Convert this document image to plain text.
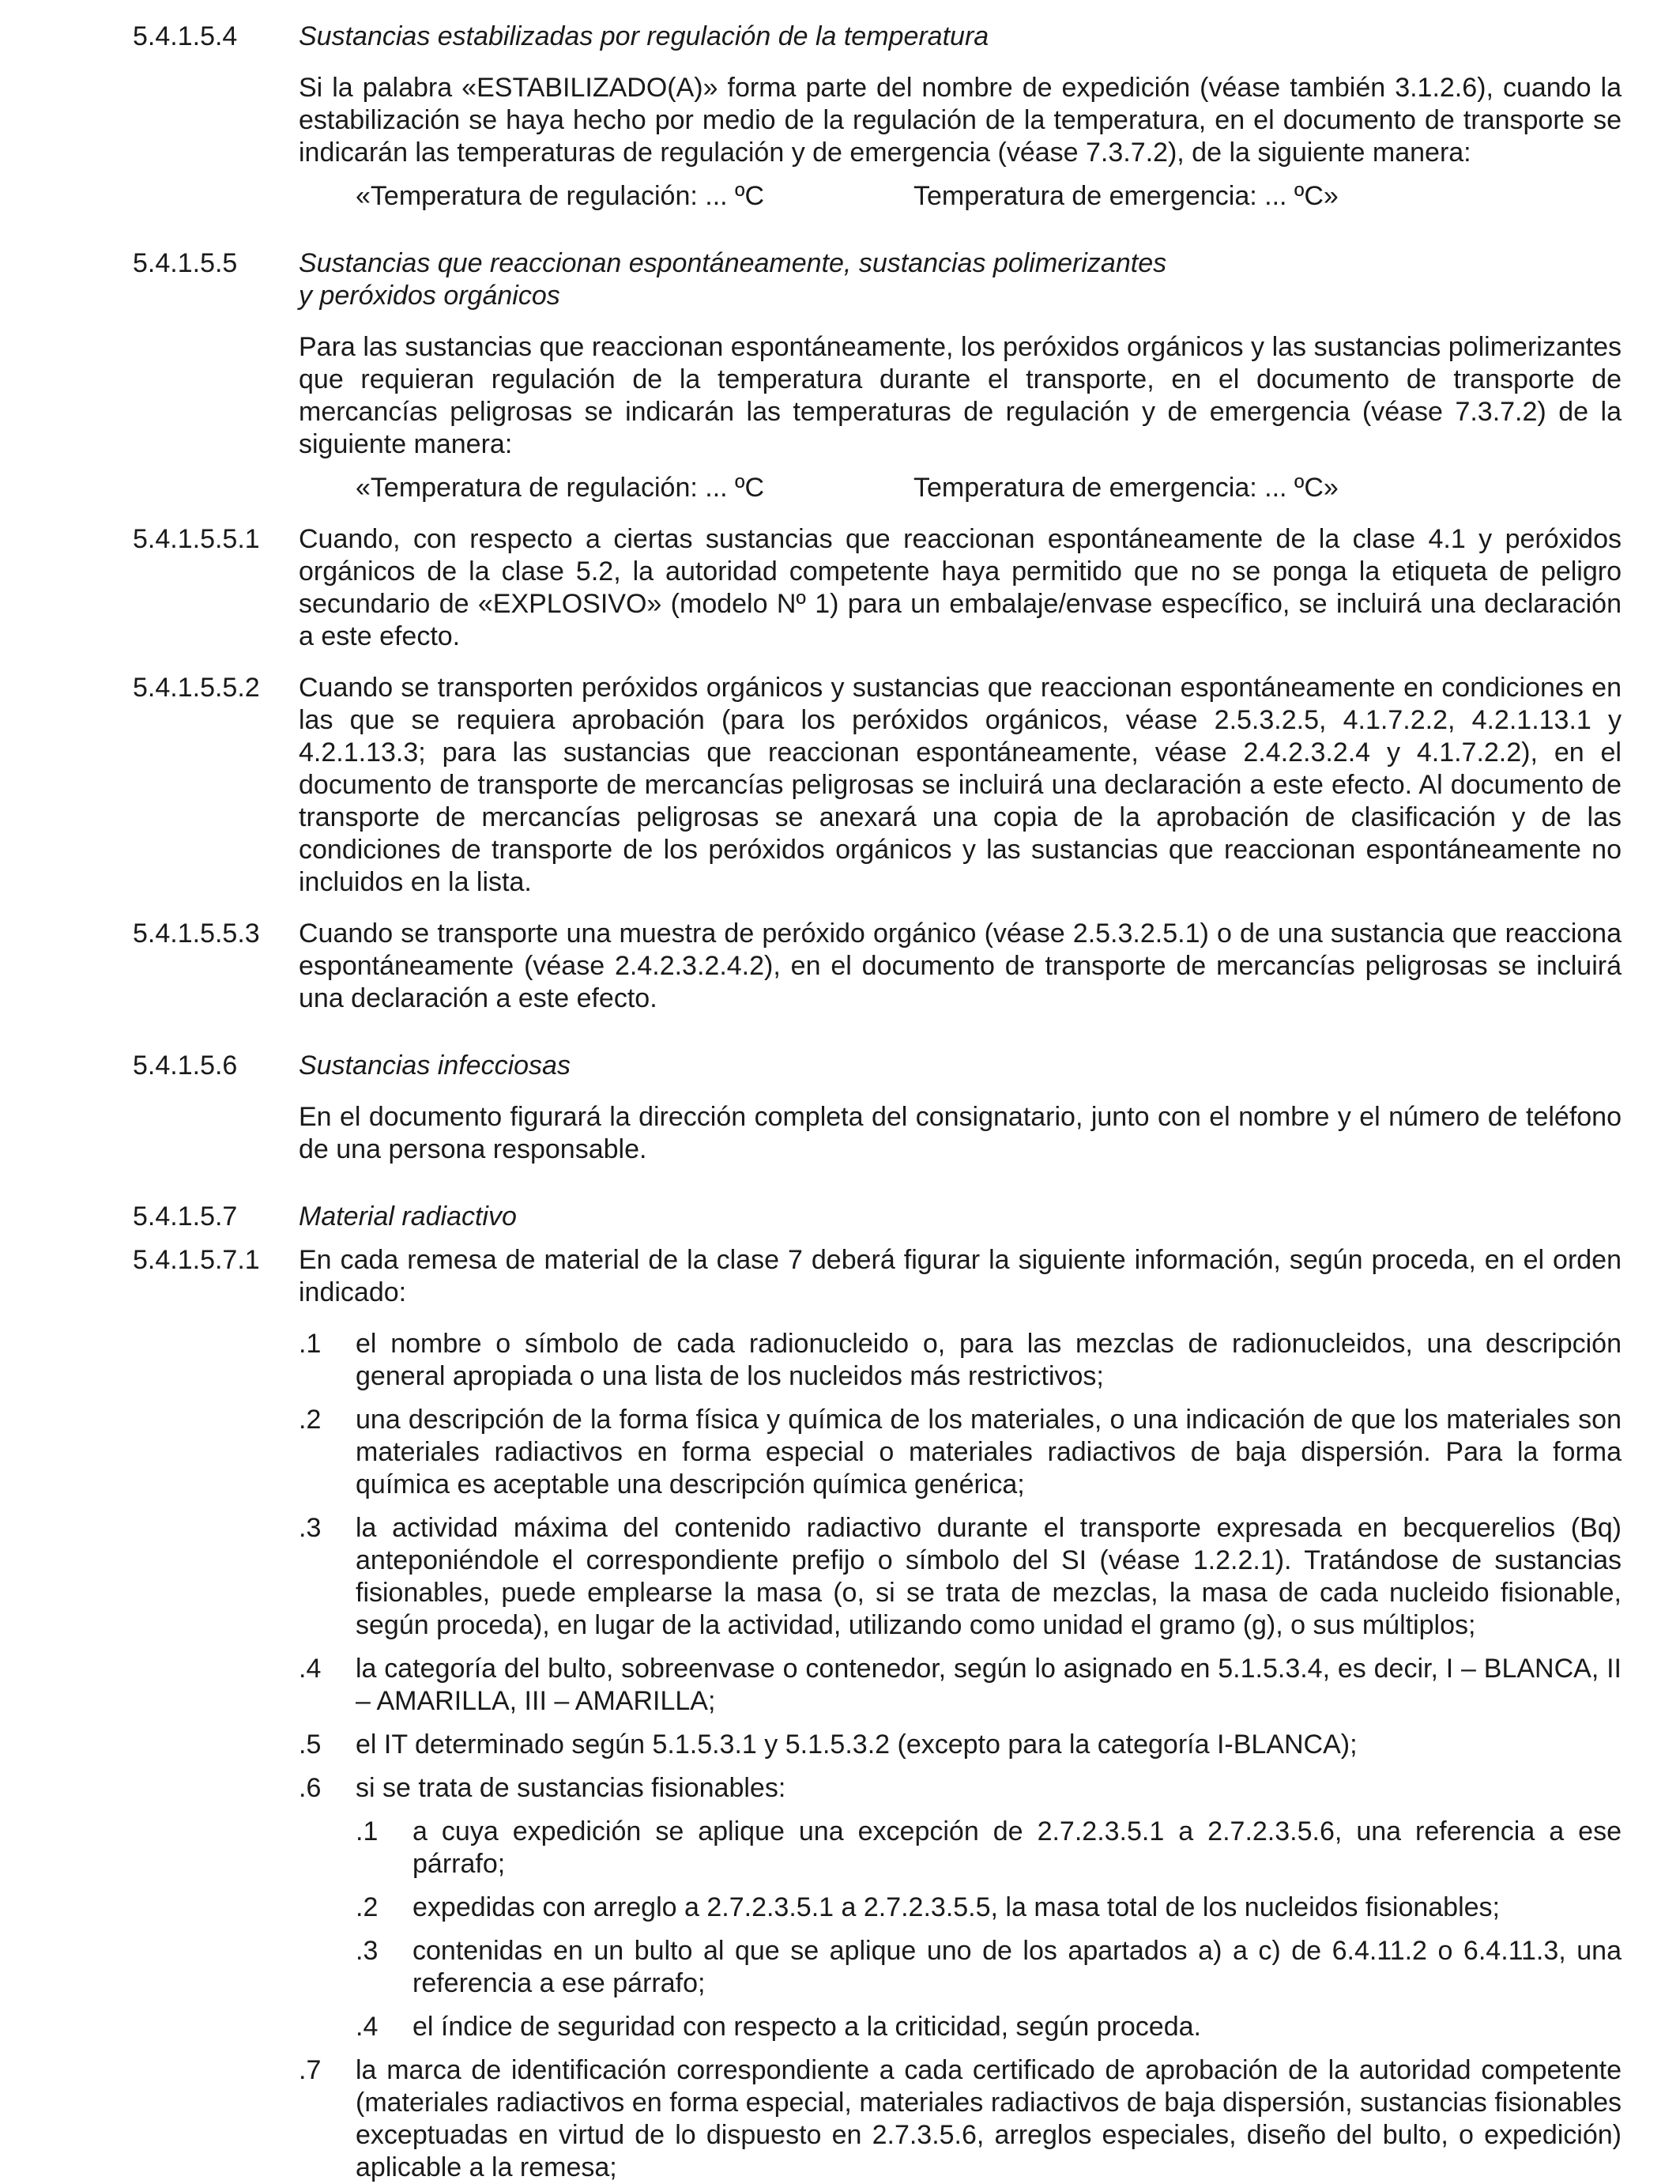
5.4.1.5.4	Sustancias estabilizadas por regulación de la temperatura
Si la palabra «ESTABILIZADO(A)» forma parte del nombre de expedición (véase también 3.1.2.6), cuando la estabilización se haya hecho por medio de la regulación de la temperatura, en el documento de transporte se indicarán las temperaturas de regulación y de emergencia (véase 7.3.7.2), de la siguiente manera:
«Temperatura de regulación: ... ºC	Temperatura de emergencia: ... ºC»
5.4.1.5.5	Sustancias que reaccionan espontáneamente, sustancias polimerizantes
y peróxidos orgánicos
Para las sustancias que reaccionan espontáneamente, los peróxidos orgánicos y las sustancias polimerizantes que requieran regulación de la temperatura durante el transporte, en el documento de transporte de mercancías peligrosas se indicarán las temperaturas de regulación y de emergencia (véase 7.3.7.2) de la siguiente manera:
«Temperatura de regulación: ... ºC	Temperatura de emergencia: ... ºC»
5.4.1.5.5.1	Cuando, con respecto a ciertas sustancias que reaccionan espontáneamente de la clase 4.1 y peróxidos orgánicos de la clase 5.2, la autoridad competente haya permitido que no se ponga la etiqueta de peligro secundario de «EXPLOSIVO» (modelo Nº 1) para un embalaje/envase específico, se incluirá una declaración a este efecto.
5.4.1.5.5.2	Cuando se transporten peróxidos orgánicos y sustancias que reaccionan espontáneamente en condiciones en las que se requiera aprobación (para los peróxidos orgánicos, véase 2.5.3.2.5, 4.1.7.2.2, 4.2.1.13.1 y 4.2.1.13.3; para las sustancias que reaccionan espontáneamente, véase 2.4.2.3.2.4 y 4.1.7.2.2), en el documento de transporte de mercancías peligrosas se incluirá una declaración a este efecto. Al documento de transporte de mercancías peligrosas se anexará una copia de la aprobación de clasificación y de las condiciones de transporte de los peróxidos orgánicos y las sustancias que reaccionan espontáneamente no incluidos en la lista.
5.4.1.5.5.3	Cuando se transporte una muestra de peróxido orgánico (véase 2.5.3.2.5.1) o de una sustancia que reacciona espontáneamente (véase 2.4.2.3.2.4.2), en el documento de transporte de mercancías peligrosas se incluirá una declaración a este efecto.
5.4.1.5.6	Sustancias infecciosas
En el documento figurará la dirección completa del consignatario, junto con el nombre y el número de teléfono de una persona responsable.
5.4.1.5.7	Material radiactivo
5.4.1.5.7.1	En cada remesa de material de la clase 7 deberá figurar la siguiente información, según proceda, en el orden indicado:
.1	el nombre o símbolo de cada radionucleido o, para las mezclas de radionucleidos, una descripción general apropiada o una lista de los nucleidos más restrictivos;
.2	una descripción de la forma física y química de los materiales, o una indicación de que los materiales son materiales radiactivos en forma especial o materiales radiactivos de baja dispersión. Para la forma química es aceptable una descripción química genérica;
.3	la actividad máxima del contenido radiactivo durante el transporte expresada en becquerelios (Bq) anteponiéndole el correspondiente prefijo o símbolo del SI (véase 1.2.2.1). Tratándose de sustancias fisionables, puede emplearse la masa (o, si se trata de mezclas, la masa de cada nucleido fisionable, según proceda), en lugar de la actividad, utilizando como unidad el gramo (g), o sus múltiplos;
.4	la categoría del bulto, sobreenvase o contenedor, según lo asignado en 5.1.5.3.4, es decir, I – BLANCA, II – AMARILLA, III – AMARILLA;
.5	el IT determinado según 5.1.5.3.1 y 5.1.5.3.2 (excepto para la categoría I-BLANCA);
.6	si se trata de sustancias fisionables:
.1	a cuya expedición se aplique una excepción de 2.7.2.3.5.1 a 2.7.2.3.5.6, una referencia a ese párrafo;
.2	expedidas con arreglo a 2.7.2.3.5.1 a 2.7.2.3.5.5, la masa total de los nucleidos fisionables;
.3	contenidas en un bulto al que se aplique uno de los apartados a) a c) de 6.4.11.2 o 6.4.11.3, una referencia a ese párrafo;
.4	el índice de seguridad con respecto a la criticidad, según proceda.
.7	la marca de identificación correspondiente a cada certificado de aprobación de la autoridad competente (materiales radiactivos en forma especial, materiales radiactivos de baja dispersión, sustancias fisionables exceptuadas en virtud de lo dispuesto en 2.7.3.5.6, arreglos especiales, diseño del bulto, o expedición) aplicable a la remesa;
